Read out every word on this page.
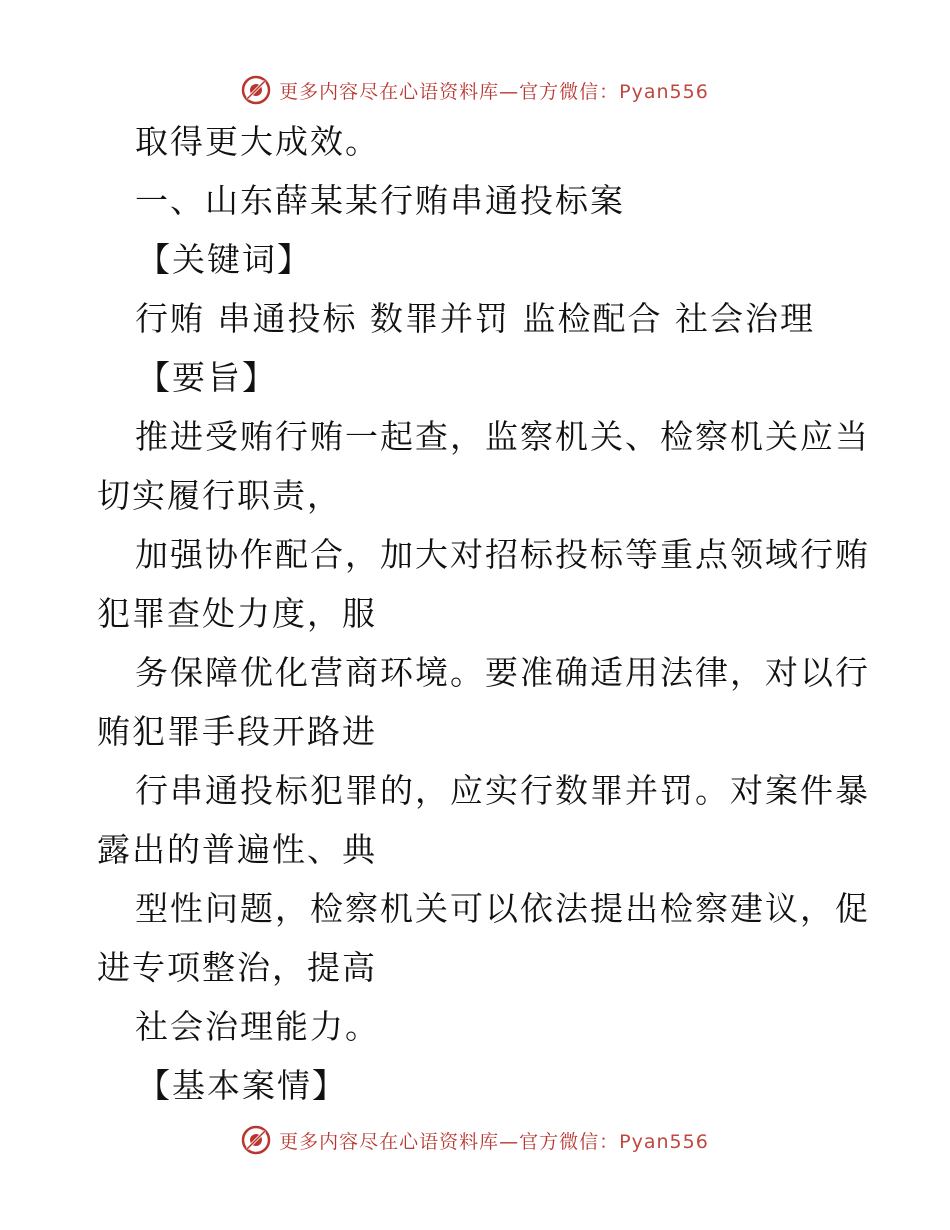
更多内容尽在心语资料库—官方微信：Pyan556
取得更大成效。
一、山东薛某某行贿串通投标案
【关键词】
行贿 串通投标 数罪并罚 监检配合 社会治理
【要旨】
推进受贿行贿一起查，监察机关、检察机关应当
切实履行职责，
加强协作配合，加大对招标投标等重点领域行贿
犯罪查处力度，服
务保障优化营商环境。要准确适用法律，对以行
贿犯罪手段开路进
行串通投标犯罪的，应实行数罪并罚。对案件暴
露出的普遍性、典
型性问题，检察机关可以依法提出检察建议，促
进专项整治，提高
社会治理能力。
【基本案情】
更多内容尽在心语资料库—官方微信：Pyan556
